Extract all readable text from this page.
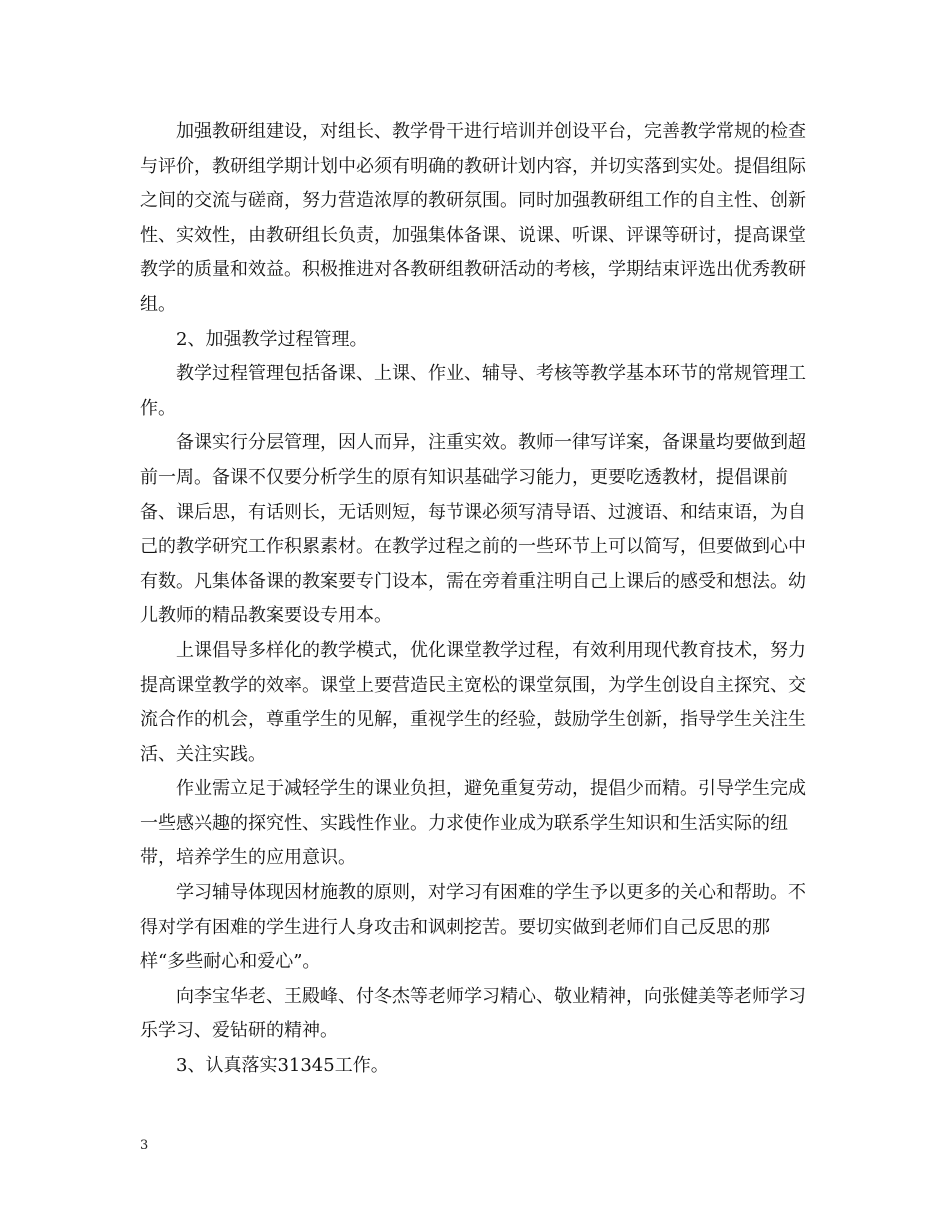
加强教研组建设，对组长、教学骨干进行培训并创设平台，完善教学常规的检查与评价，教研组学期计划中必须有明确的教研计划内容，并切实落到实处。提倡组际之间的交流与磋商，努力营造浓厚的教研氛围。同时加强教研组工作的自主性、创新性、实效性，由教研组长负责，加强集体备课、说课、听课、评课等研讨，提高课堂教学的质量和效益。积极推进对各教研组教研活动的考核，学期结束评选出优秀教研组。

2、加强教学过程管理。

教学过程管理包括备课、上课、作业、辅导、考核等教学基本环节的常规管理工作。

备课实行分层管理，因人而异，注重实效。教师一律写详案，备课量均要做到超前一周。备课不仅要分析学生的原有知识基础学习能力，更要吃透教材，提倡课前备、课后思，有话则长，无话则短，每节课必须写清导语、过渡语、和结束语，为自己的教学研究工作积累素材。在教学过程之前的一些环节上可以简写，但要做到心中有数。凡集体备课的教案要专门设本，需在旁着重注明自己上课后的感受和想法。幼儿教师的精品教案要设专用本。

上课倡导多样化的教学模式，优化课堂教学过程，有效利用现代教育技术，努力提高课堂教学的效率。课堂上要营造民主宽松的课堂氛围，为学生创设自主探究、交流合作的机会，尊重学生的见解，重视学生的经验，鼓励学生创新，指导学生关注生活、关注实践。

作业需立足于减轻学生的课业负担，避免重复劳动，提倡少而精。引导学生完成一些感兴趣的探究性、实践性作业。力求使作业成为联系学生知识和生活实际的纽带，培养学生的应用意识。

学习辅导体现因材施教的原则，对学习有困难的学生予以更多的关心和帮助。不得对学有困难的学生进行人身攻击和讽刺挖苦。要切实做到老师们自己反思的那样“多些耐心和爱心”。

向李宝华老、王殿峰、付冬杰等老师学习精心、敬业精神，向张健美等老师学习乐学习、爱钻研的精神。

3、认真落实31345工作。

3
